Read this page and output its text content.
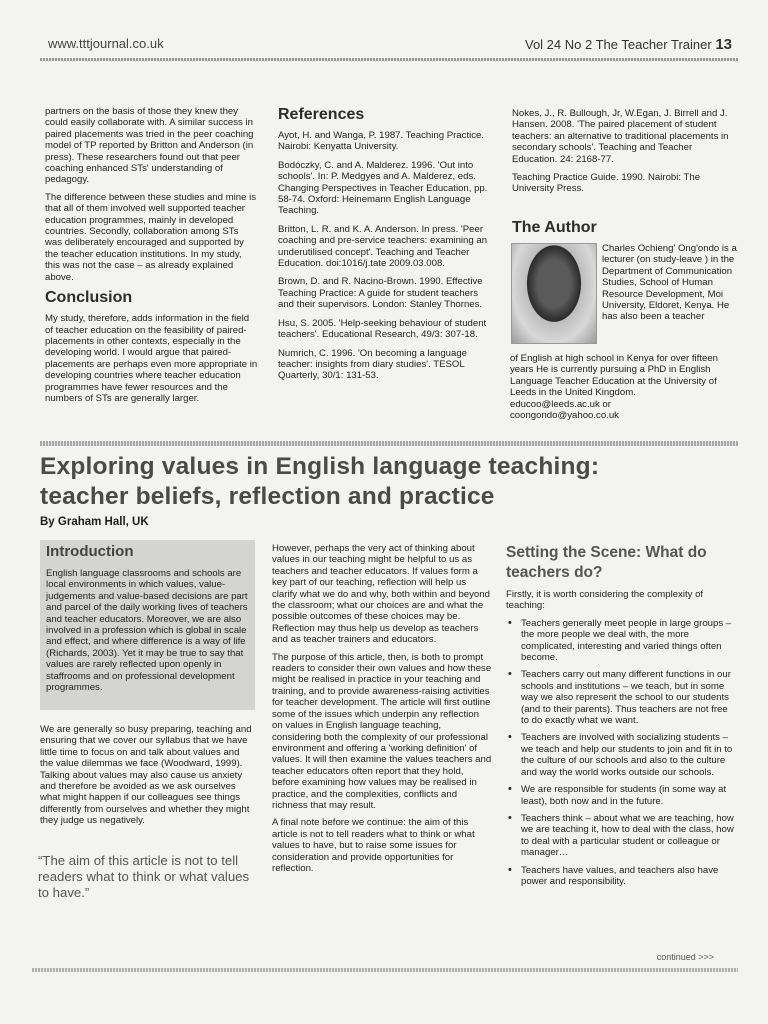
www.tttjournal.co.uk	Vol 24 No 2 The Teacher Trainer 13

partners on the basis of those they knew they could easily collaborate with. A similar success in paired placements was tried in the peer coaching model of TP reported by Britton and Anderson (in press). These researchers found out that peer coaching enhanced STs' understanding of pedagogy.

The difference between these studies and mine is that all of them involved well supported teacher education programmes, mainly in developed countries. Secondly, collaboration among STs was deliberately encouraged and supported by the teacher education institutions. In my study, this was not the case – as already explained above.

Conclusion

My study, therefore, adds information in the field of teacher education on the feasibility of paired-placements in other contexts, especially in the developing world. I would argue that paired-placements are perhaps even more appropriate in developing countries where teacher education programmes have fewer resources and the numbers of STs are generally larger.

References

Ayot, H. and Wanga, P. 1987. Teaching Practice. Nairobi: Kenyatta University.

Bodóczky, C. and A. Malderez. 1996. 'Out into schools'. In: P. Medgyes and A. Malderez, eds. Changing Perspectives in Teacher Education, pp. 58-74. Oxford: Heinemann English Language Teaching.

Britton, L. R. and K. A. Anderson. In press. 'Peer coaching and pre-service teachers: examining an underutilised concept'. Teaching and Teacher Education. doi:1016/j.tate 2009.03.008.

Brown, D. and R. Nacino-Brown. 1990. Effective Teaching Practice: A guide for student teachers and their supervisors. London: Stanley Thornes.

Hsu, S. 2005. 'Help-seeking behaviour of student teachers'. Educational Research, 49/3: 307-18.

Numrich, C. 1996. 'On becoming a language teacher: insights from diary studies'. TESOL Quarterly, 30/1: 131-53.

Nokes, J., R. Bullough, Jr, W.Egan, J. Birrell and J. Hansen. 2008. 'The paired placement of student teachers: an alternative to traditional placements in secondary schools'. Teaching and Teacher Education. 24: 2168-77.

Teaching Practice Guide. 1990. Nairobi: The University Press.

The Author
Charles Ochieng' Ong'ondo is a lecturer (on study-leave ) in the Department of Communication Studies, School of Human Resource Development, Moi University, Eldoret, Kenya. He has also been a teacher
of English at high school in Kenya for over fifteen years He is currently pursuing a PhD in English Language Teacher Education at the University of Leeds in the United Kingdom.
educoo@leeds.ac.uk or
coongondo@yahoo.co.uk
Exploring values in English language teaching:
teacher beliefs, reflection and practice
By Graham Hall, UK
Introduction
English language classrooms and schools are local environments in which values, value-judgements and value-based decisions are part and parcel of the daily working lives of teachers and teacher educators. Moreover, we are also involved in a profession which is global in scale and effect, and where difference is a way of life (Richards, 2003). Yet it may be true to say that values are rarely reflected upon openly in staffrooms and on professional development programmes.
We are generally so busy preparing, teaching and ensuring that we cover our syllabus that we have little time to focus on and talk about values and the value dilemmas we face (Woodward, 1999). Talking about values may also cause us anxiety and therefore be avoided as we ask ourselves what might happen if our colleagues see things differently from ourselves and whether they might they judge us negatively.
“The aim of this article is not to tell readers what to think or what values to have.”

However, perhaps the very act of thinking about values in our teaching might be helpful to us as teachers and teacher educators. If values form a key part of our teaching, reflection will help us clarify what we do and why, both within and beyond the classroom; what our choices are and what the possible outcomes of these choices may be. Reflection may thus help us develop as teachers and as teacher trainers and educators.

The purpose of this article, then, is both to prompt readers to consider their own values and how these might be realised in practice in your teaching and training, and to provide awareness-raising activities for teacher development. The article will first outline some of the issues which underpin any reflection on values in English language teaching, considering both the complexity of our professional environment and offering a 'working definition' of values. It will then examine the values teachers and teacher educators often report that they hold, before examining how values may be realised in practice, and the complexities, conflicts and richness that may result.

A final note before we continue: the aim of this article is not to tell readers what to think or what values to have, but to raise some issues for consideration and provide opportunities for reflection.

Setting the Scene: What do teachers do?

Firstly, it is worth considering the complexity of teaching:

• Teachers generally meet people in large groups – the more people we deal with, the more complicated, interesting and varied things often become.
• Teachers carry out many different functions in our schools and institutions – we teach, but in some way we also represent the school to our students (and to their parents). Thus teachers are not free to do exactly what we want.
• Teachers are involved with socializing students – we teach and help our students to join and fit in to the culture of our schools and also to the culture and way the world works outside our schools.
• We are responsible for students (in some way at least), both now and in the future.
• Teachers think – about what we are teaching, how we are teaching it, how to deal with the class, how to deal with a particular student or colleague or manager…
• Teachers have values, and teachers also have power and responsibility.
continued >>>
